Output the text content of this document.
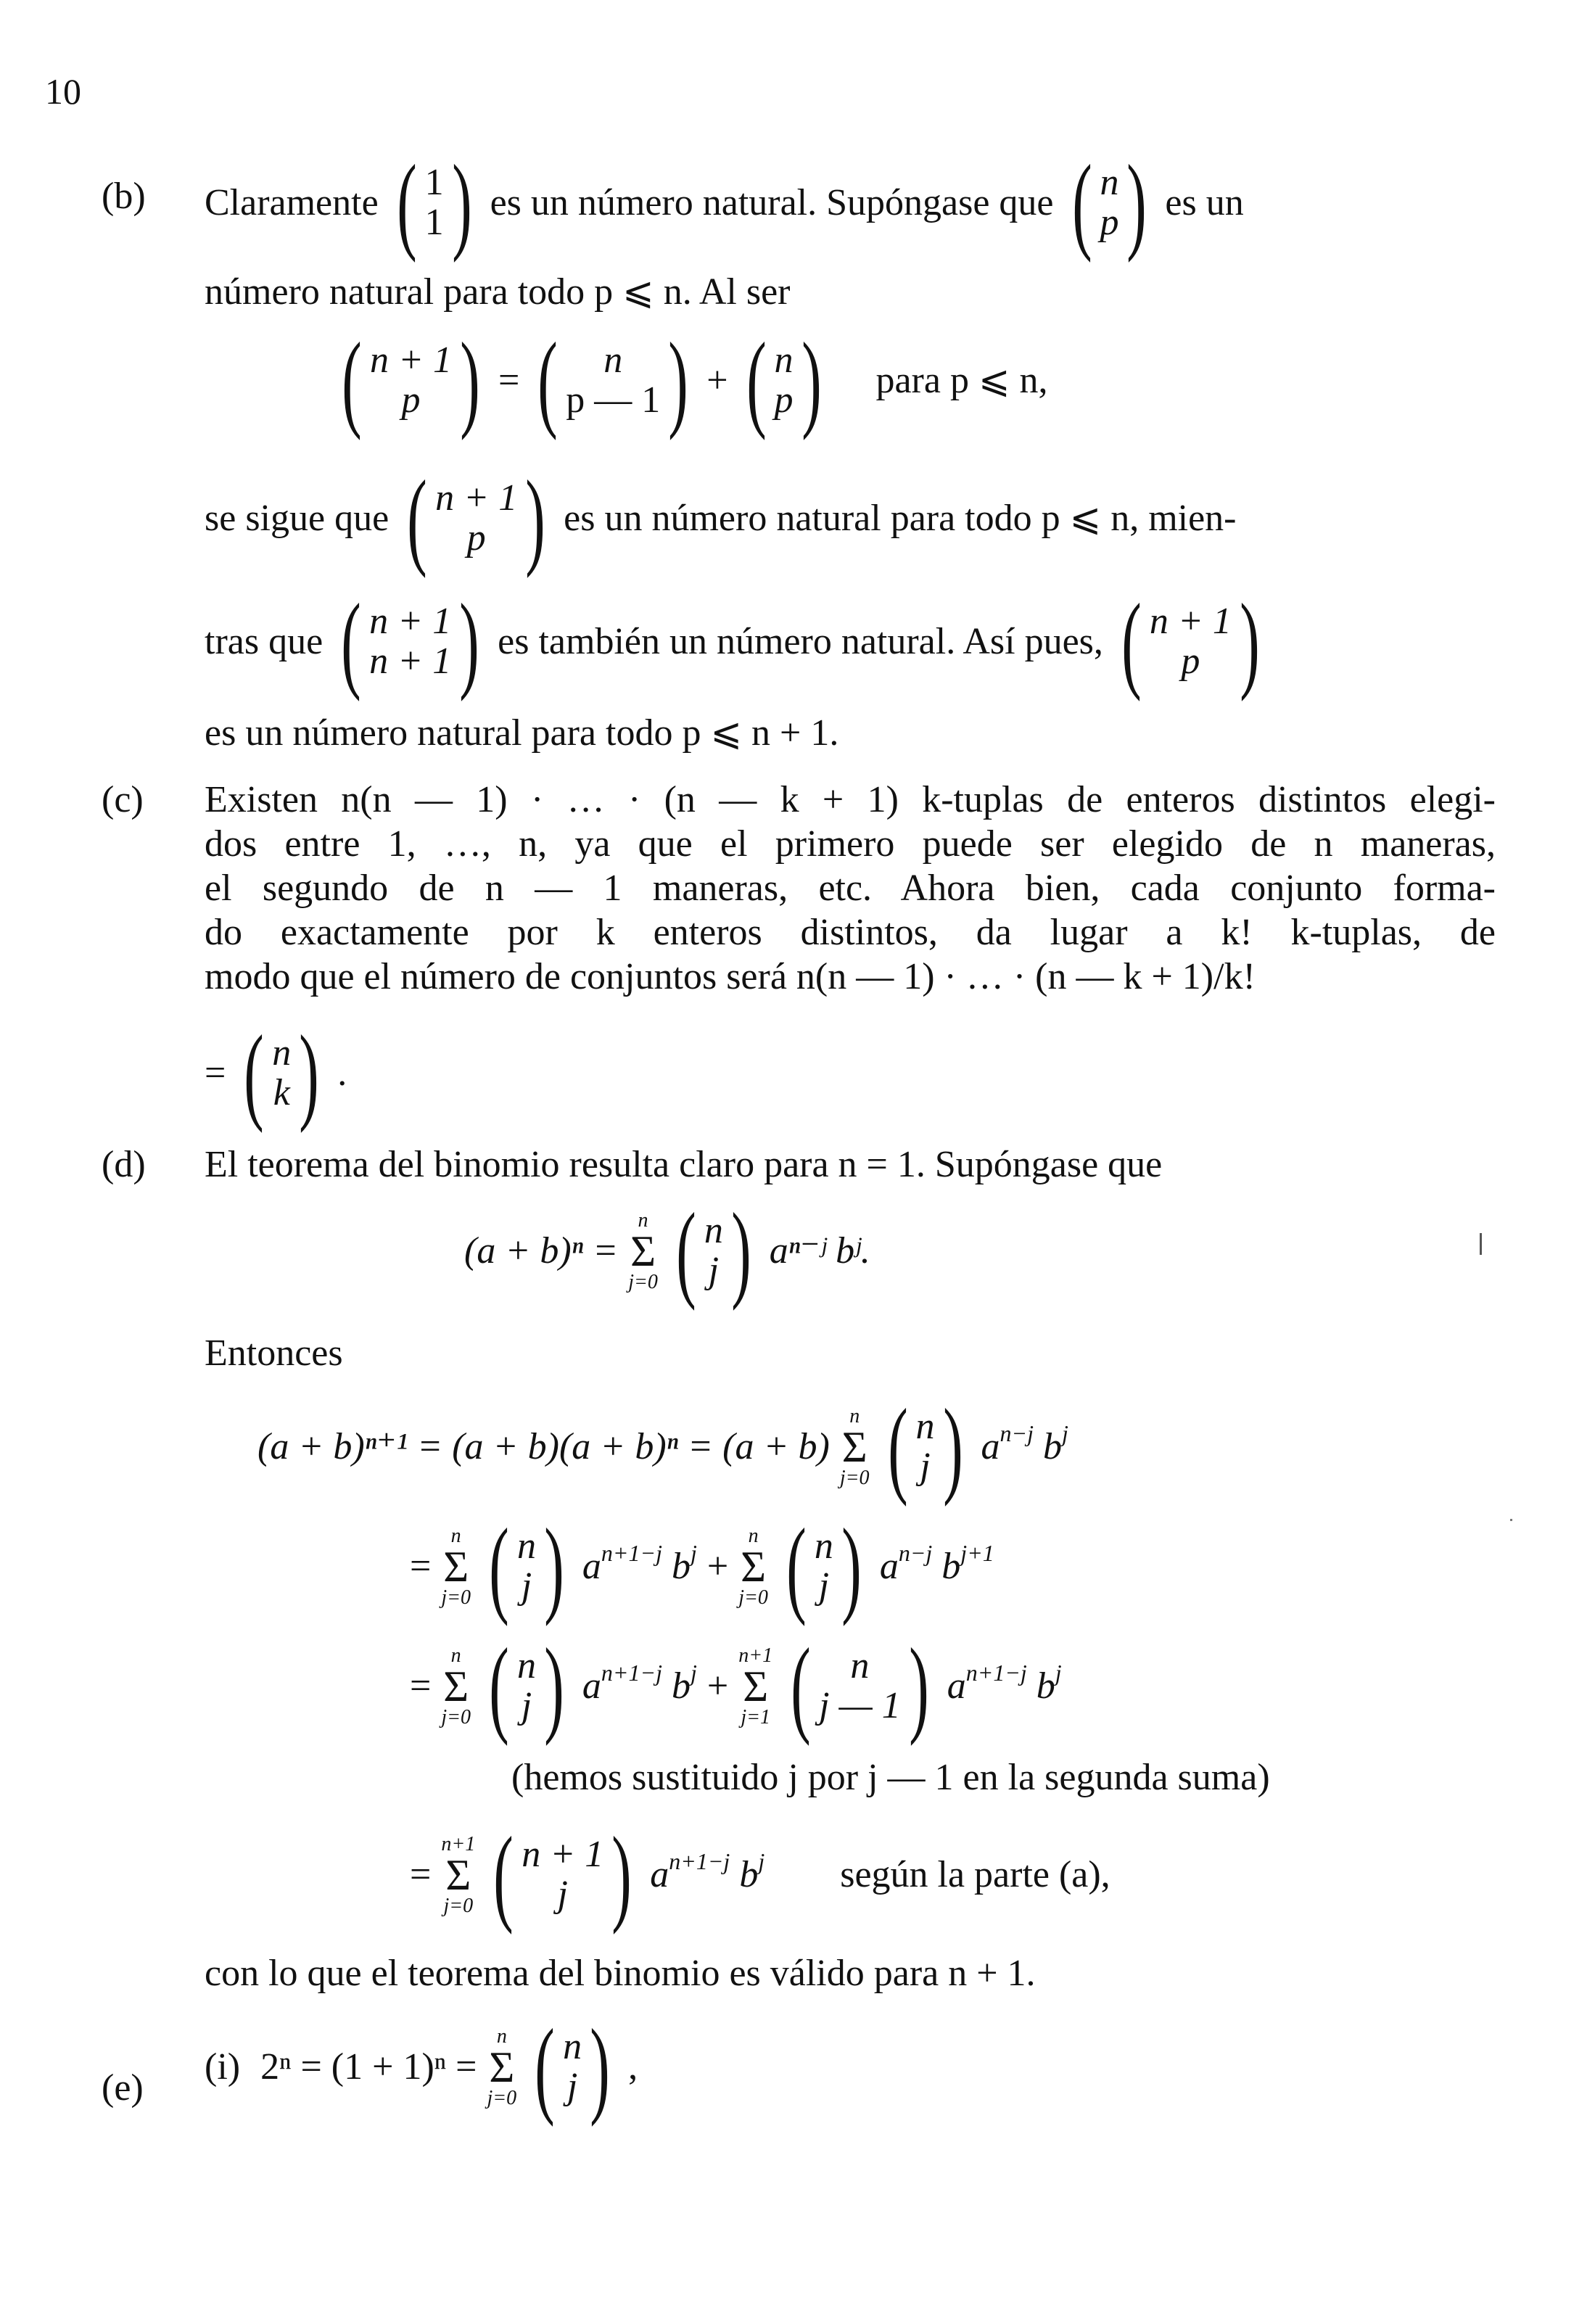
10
(b) Claramente ( 1
1 ) es un número natural. Supóngase que ( n
p ) es un
número natural para todo p ⩽ n. Al ser
( n + 1
p ) = ( n
p — 1 ) + ( n
p ) para p ⩽ n,
se sigue que ( n + 1
p ) es un número natural para todo p ⩽ n, mien-
tras que ( n + 1
n + 1 ) es también un número natural. Así pues, ( n + 1
p )
es un número natural para todo p ⩽ n + 1.
(c) Existen n(n — 1) · … · (n — k + 1) k-tuplas de enteros distintos elegi-
dos entre 1, …, n, ya que el primero puede ser elegido de n maneras,
el segundo de n — 1 maneras, etc. Ahora bien, cada conjunto forma-
do exactamente por k enteros distintos, da lugar a k! k-tuplas, de
modo que el número de conjuntos será n(n — 1) · … · (n — k + 1)/k!
= ( n
k ) .
(d) El teorema del binomio resulta claro para n = 1. Supóngase que
(a + b)ⁿ =
n
Σ
j=0 ( n
j ) aⁿ⁻ʲ bʲ.
Entonces
(a + b)ⁿ⁺¹ = (a + b)(a + b)ⁿ = (a + b)
n
Σ
j=0 ( n
j ) $a^{n-j}$ $b^j$
=
n
Σ
j=0 ( n
j ) $a^{n+1-j}$ $b^j$ +
n
Σ
j=0 ( n
j ) $a^{n-j}$ $b^{j+1}$
=
n
Σ
j=0 ( n
j ) $a^{n+1-j}$ $b^j$ +
n+1
Σ
j=1 ( n
j — 1 ) $a^{n+1-j}$ $b^j$
(hemos sustituido j por j — 1 en la segunda suma)
=
n+1
Σ
j=0 ( n + 1
j ) $a^{n+1-j}$ $b^j$ según la parte (a),
con lo que el teorema del binomio es válido para n + 1.
(e)
(i) 2ⁿ = (1 + 1)ⁿ =
n
Σ
j=0 ( n
j ) ,
